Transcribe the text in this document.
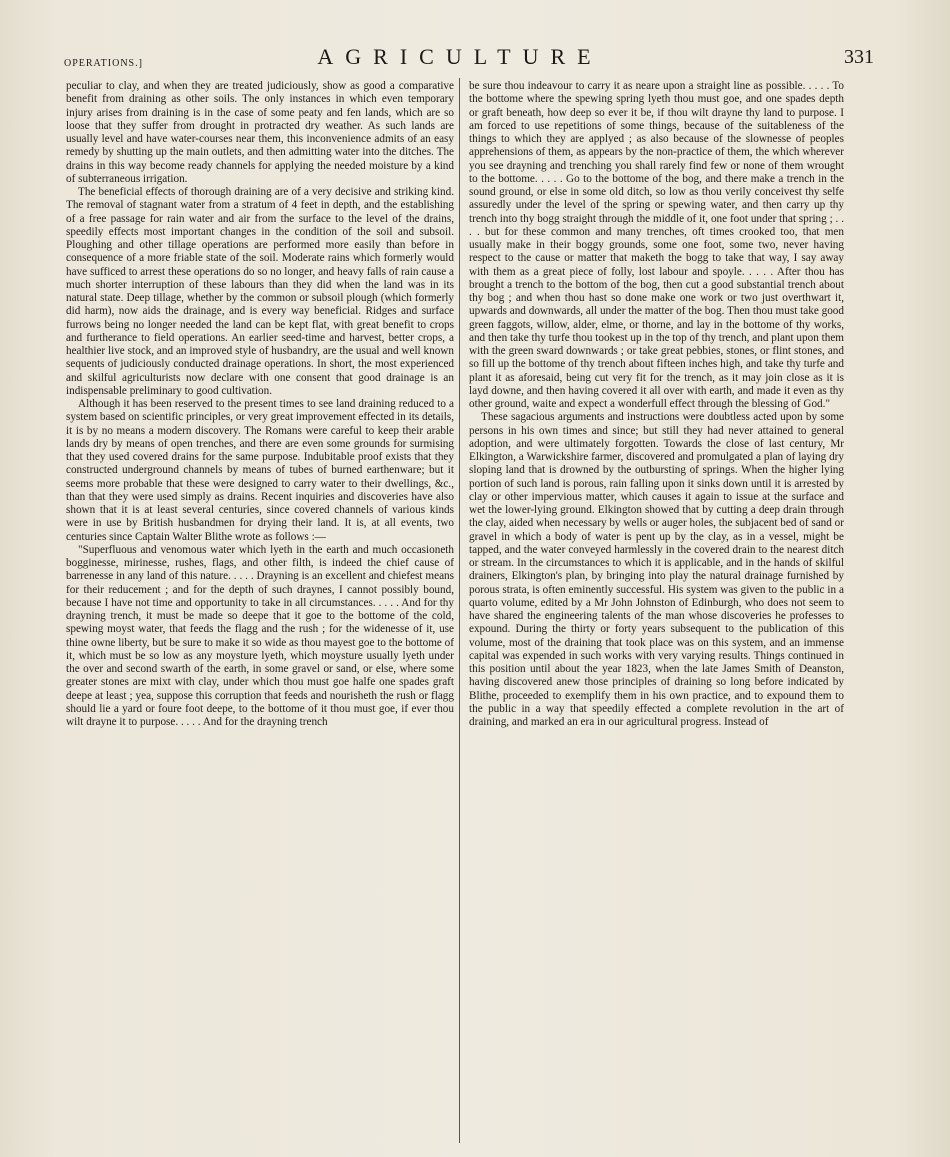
OPERATIONS.]	AGRICULTURE	331

peculiar to clay, and when they are treated judiciously, show as good a comparative benefit from draining as other soils. The only instances in which even temporary injury arises from draining is in the case of some peaty and fen lands, which are so loose that they suffer from drought in protracted dry weather. As such lands are usually level and have water-courses near them, this inconvenience admits of an easy remedy by shutting up the main outlets, and then admitting water into the ditches. The drains in this way become ready channels for applying the needed moisture by a kind of subterraneous irrigation.

The beneficial effects of thorough draining are of a very decisive and striking kind. The removal of stagnant water from a stratum of 4 feet in depth, and the establishing of a free passage for rain water and air from the surface to the level of the drains, speedily effects most important changes in the condition of the soil and subsoil. Ploughing and other tillage operations are performed more easily than before in consequence of a more friable state of the soil. Moderate rains which formerly would have sufficed to arrest these operations do so no longer, and heavy falls of rain cause a much shorter interruption of these labours than they did when the land was in its natural state. Deep tillage, whether by the common or subsoil plough (which formerly did harm), now aids the drainage, and is every way beneficial. Ridges and surface furrows being no longer needed the land can be kept flat, with great benefit to crops and furtherance to field operations. An earlier seed-time and harvest, better crops, a healthier live stock, and an improved style of husbandry, are the usual and well known sequents of judiciously conducted drainage operations. In short, the most experienced and skilful agriculturists now declare with one consent that good drainage is an indispensable preliminary to good cultivation.

Although it has been reserved to the present times to see land draining reduced to a system based on scientific principles, or very great improvement effected in its details, it is by no means a modern discovery. The Romans were careful to keep their arable lands dry by means of open trenches, and there are even some grounds for surmising that they used covered drains for the same purpose. Indubitable proof exists that they constructed underground channels by means of tubes of burned earthenware; but it seems more probable that these were designed to carry water to their dwellings, &c., than that they were used simply as drains. Recent inquiries and discoveries have also shown that it is at least several centuries, since covered channels of various kinds were in use by British husbandmen for drying their land. It is, at all events, two centuries since Captain Walter Blithe wrote as follows :—

"Superfluous and venomous water which lyeth in the earth and much occasioneth bogginesse, mirinesse, rushes, flags, and other filth, is indeed the chief cause of barrenesse in any land of this nature. . . . . Drayning is an excellent and chiefest means for their reducement ; and for the depth of such draynes, I cannot possibly bound, because I have not time and opportunity to take in all circumstances. . . . . And for thy drayning trench, it must be made so deepe that it goe to the bottome of the cold, spewing moyst water, that feeds the flagg and the rush ; for the widenesse of it, use thine owne liberty, but be sure to make it so wide as thou mayest goe to the bottome of it, which must be so low as any moysture lyeth, which moysture usually lyeth under the over and second swarth of the earth, in some gravel or sand, or else, where some greater stones are mixt with clay, under which thou must goe halfe one spades graft deepe at least ; yea, suppose this corruption that feeds and nourisheth the rush or flagg should lie a yard or foure foot deepe, to the bottome of it thou must goe, if ever thou wilt drayne it to purpose. . . . . And for the drayning trench

be sure thou indeavour to carry it as neare upon a straight line as possible. . . . . To the bottome where the spewing spring lyeth thou must goe, and one spades depth or graft beneath, how deep so ever it be, if thou wilt drayne thy land to purpose. I am forced to use repetitions of some things, because of the suitableness of the things to which they are applyed ; as also because of the slownesse of peoples apprehensions of them, as appears by the non-practice of them, the which wherever you see drayning and trenching you shall rarely find few or none of them wrought to the bottome. . . . . Go to the bottome of the bog, and there make a trench in the sound ground, or else in some old ditch, so low as thou verily conceivest thy selfe assuredly under the level of the spring or spewing water, and then carry up thy trench into thy bogg straight through the middle of it, one foot under that spring ; . . . . but for these common and many trenches, oft times crooked too, that men usually make in their boggy grounds, some one foot, some two, never having respect to the cause or matter that maketh the bogg to take that way, I say away with them as a great piece of folly, lost labour and spoyle. . . . . After thou has brought a trench to the bottom of the bog, then cut a good substantial trench about thy bog ; and when thou hast so done make one work or two just overthwart it, upwards and downwards, all under the matter of the bog. Then thou must take good green faggots, willow, alder, elme, or thorne, and lay in the bottome of thy works, and then take thy turfe thou tookest up in the top of thy trench, and plant upon them with the green sward downwards ; or take great pebbies, stones, or flint stones, and so fill up the bottome of thy trench about fifteen inches high, and take thy turfe and plant it as aforesaid, being cut very fit for the trench, as it may join close as it is layd downe, and then having covered it all over with earth, and made it even as thy other ground, waite and expect a wonderfull effect through the blessing of God."

These sagacious arguments and instructions were doubtless acted upon by some persons in his own times and since; but still they had never attained to general adoption, and were ultimately forgotten. Towards the close of last century, Mr Elkington, a Warwickshire farmer, discovered and promulgated a plan of laying dry sloping land that is drowned by the outbursting of springs. When the higher lying portion of such land is porous, rain falling upon it sinks down until it is arrested by clay or other impervious matter, which causes it again to issue at the surface and wet the lower-lying ground. Elkington showed that by cutting a deep drain through the clay, aided when necessary by wells or auger holes, the subjacent bed of sand or gravel in which a body of water is pent up by the clay, as in a vessel, might be tapped, and the water conveyed harmlessly in the covered drain to the nearest ditch or stream. In the circumstances to which it is applicable, and in the hands of skilful drainers, Elkington's plan, by bringing into play the natural drainage furnished by porous strata, is often eminently successful. His system was given to the public in a quarto volume, edited by a Mr John Johnston of Edinburgh, who does not seem to have shared the engineering talents of the man whose discoveries he professes to expound. During the thirty or forty years subsequent to the publication of this volume, most of the draining that took place was on this system, and an immense capital was expended in such works with very varying results. Things continued in this position until about the year 1823, when the late James Smith of Deanston, having discovered anew those principles of draining so long before indicated by Blithe, proceeded to exemplify them in his own practice, and to expound them to the public in a way that speedily effected a complete revolution in the art of draining, and marked an era in our agricultural progress. Instead of
